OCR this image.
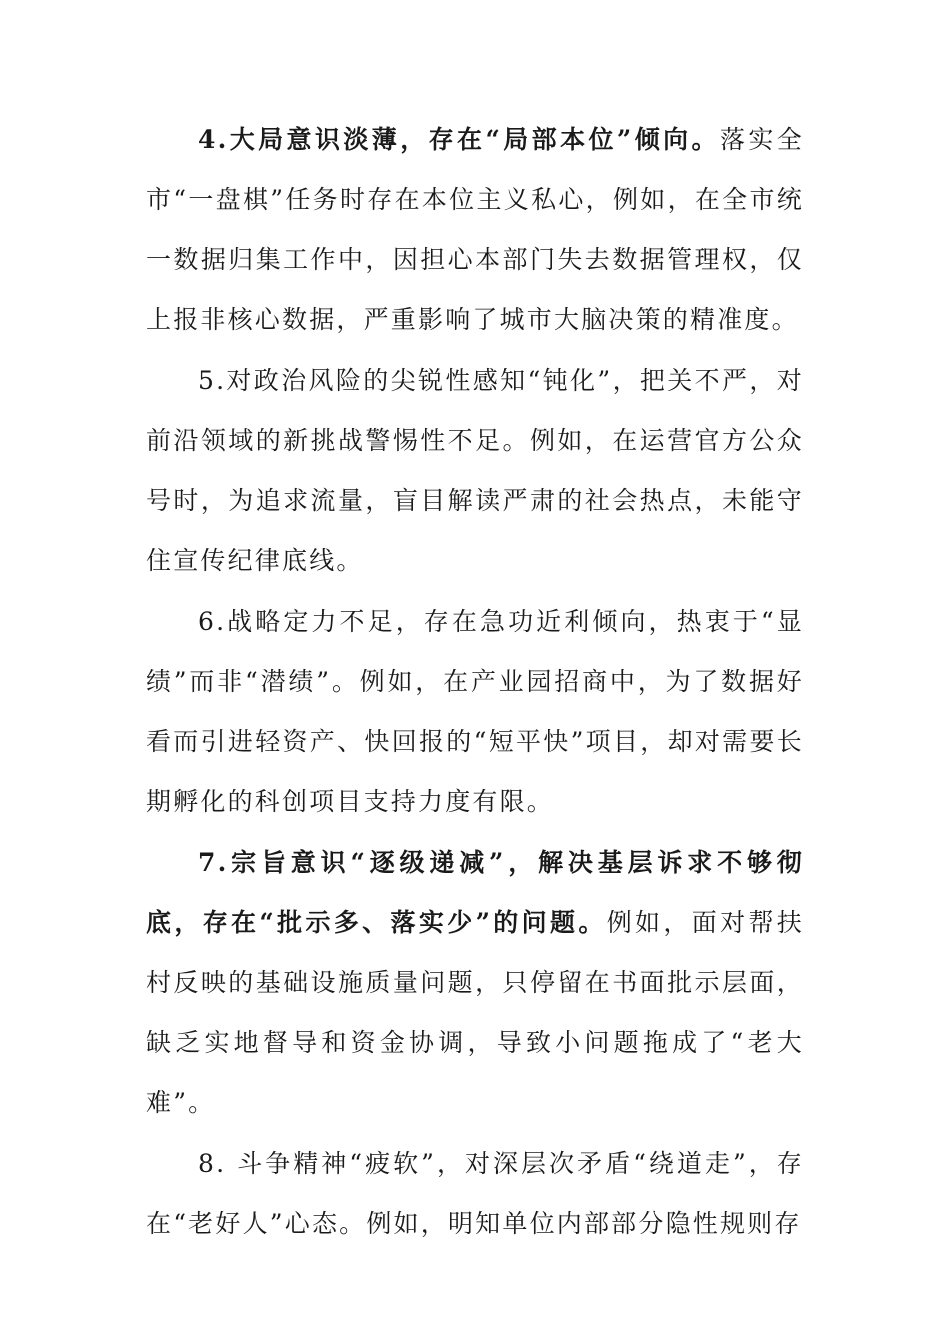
4.大局意识淡薄，存在“局部本位”倾向。落实全市“一盘棋”任务时存在本位主义私心，例如，在全市统一数据归集工作中，因担心本部门失去数据管理权，仅上报非核心数据，严重影响了城市大脑决策的精准度。

5.对政治风险的尖锐性感知“钝化”，把关不严，对前沿领域的新挑战警惕性不足。例如，在运营官方公众号时，为追求流量，盲目解读严肃的社会热点，未能守住宣传纪律底线。

6.战略定力不足，存在急功近利倾向，热衷于“显绩”而非“潜绩”。例如，在产业园招商中，为了数据好看而引进轻资产、快回报的“短平快”项目，却对需要长期孵化的科创项目支持力度有限。

7.宗旨意识“逐级递减”，解决基层诉求不够彻底，存在“批示多、落实少”的问题。例如，面对帮扶村反映的基础设施质量问题，只停留在书面批示层面，缺乏实地督导和资金协调，导致小问题拖成了“老大难”。

8. 斗争精神“疲软”，对深层次矛盾“绕道走”，存在“老好人”心态。例如，明知单位内部部分隐性规则存
